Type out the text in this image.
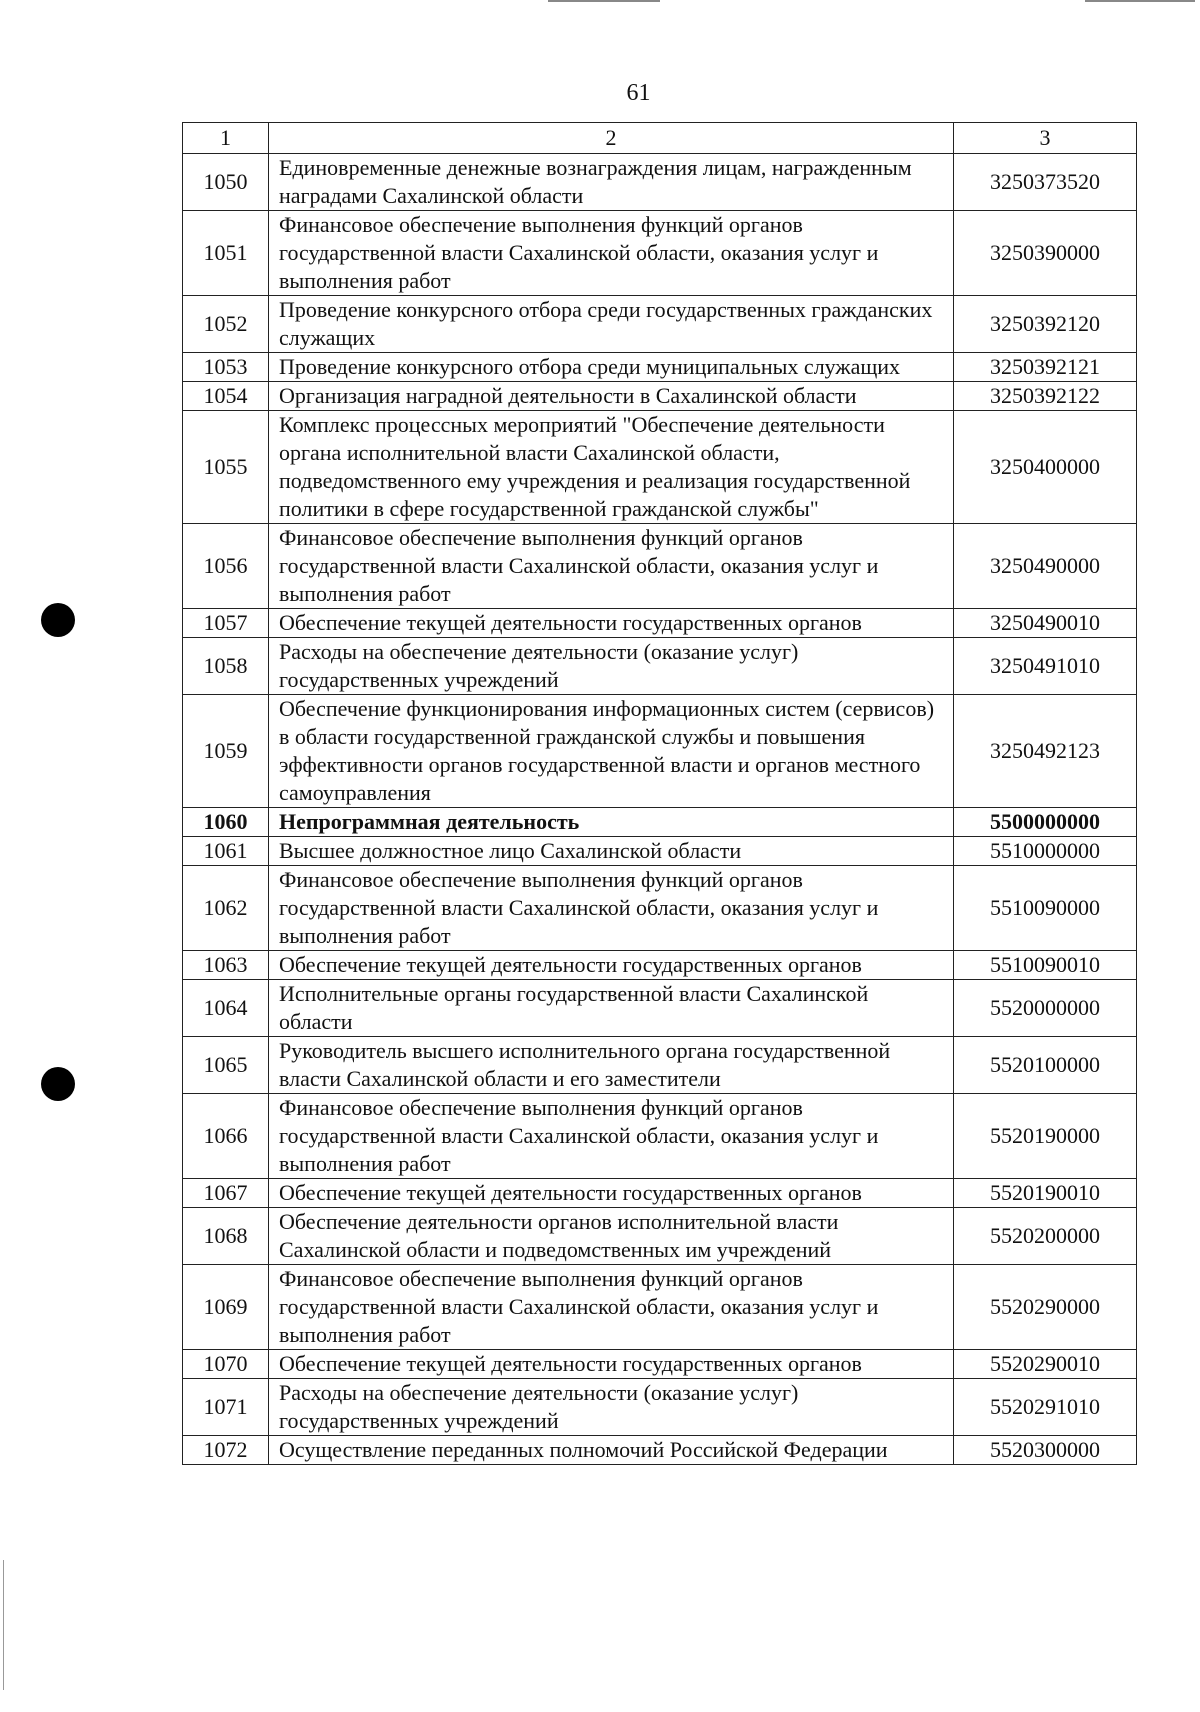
61
1	2	3
1050	Единовременные денежные вознаграждения лицам, награжденным наградами Сахалинской области	3250373520
1051	Финансовое обеспечение выполнения функций органов государственной власти Сахалинской области, оказания услуг и выполнения работ	3250390000
1052	Проведение конкурсного отбора среди государственных гражданских служащих	3250392120
1053	Проведение конкурсного отбора среди муниципальных служащих	3250392121
1054	Организация наградной деятельности в Сахалинской области	3250392122
1055	Комплекс процессных мероприятий "Обеспечение деятельности органа исполнительной власти Сахалинской области, подведомственного ему учреждения и реализация государственной политики в сфере государственной гражданской службы"	3250400000
1056	Финансовое обеспечение выполнения функций органов государственной власти Сахалинской области, оказания услуг и выполнения работ	3250490000
1057	Обеспечение текущей деятельности государственных органов	3250490010
1058	Расходы на обеспечение деятельности (оказание услуг) государственных учреждений	3250491010
1059	Обеспечение функционирования информационных систем (сервисов) в области государственной гражданской службы и повышения эффективности органов государственной власти и органов местного самоуправления	3250492123
1060	Непрограммная деятельность	5500000000
1061	Высшее должностное лицо Сахалинской области	5510000000
1062	Финансовое обеспечение выполнения функций органов государственной власти Сахалинской области, оказания услуг и выполнения работ	5510090000
1063	Обеспечение текущей деятельности государственных органов	5510090010
1064	Исполнительные органы государственной власти Сахалинской области	5520000000
1065	Руководитель высшего исполнительного органа государственной власти Сахалинской области и его заместители	5520100000
1066	Финансовое обеспечение выполнения функций органов государственной власти Сахалинской области, оказания услуг и выполнения работ	5520190000
1067	Обеспечение текущей деятельности государственных органов	5520190010
1068	Обеспечение деятельности органов исполнительной власти Сахалинской области и подведомственных им учреждений	5520200000
1069	Финансовое обеспечение выполнения функций органов государственной власти Сахалинской области, оказания услуг и выполнения работ	5520290000
1070	Обеспечение текущей деятельности государственных органов	5520290010
1071	Расходы на обеспечение деятельности (оказание услуг) государственных учреждений	5520291010
1072	Осуществление переданных полномочий Российской Федерации	5520300000
